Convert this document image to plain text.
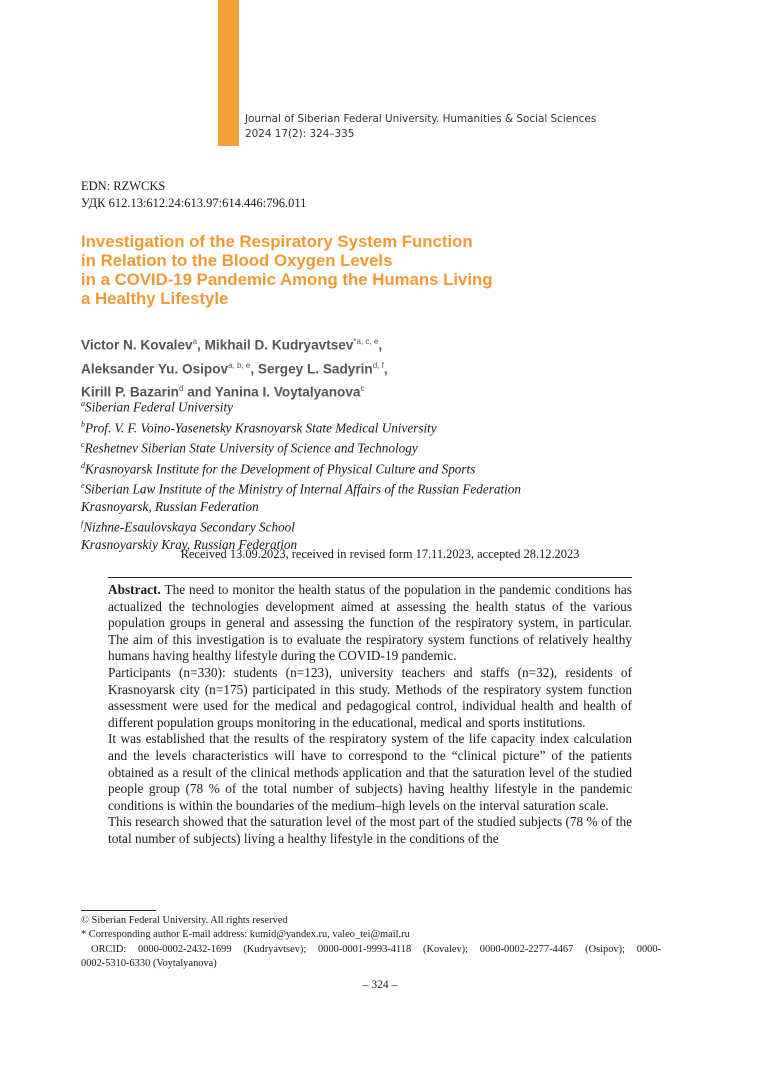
Journal of Siberian Federal University. Humanities & Social Sciences
2024 17(2): 324–335
EDN: RZWCKS
УДК 612.13:612.24:613.97:614.446:796.011
Investigation of the Respiratory System Function
in Relation to the Blood Oxygen Levels
in a COVID-19 Pandemic Among the Humans Living
a Healthy Lifestyle
Victor N. Kovalev$^a$, Mikhail D. Kudryavtsev$^{*a, c, e}$,
Aleksander Yu. Osipov$^{a, b, e}$, Sergey L. Sadyrin$^{d, f}$,
Kirill P. Bazarin$^d$ and Yanina I. Voytalyanova$^c$
$^a$Siberian Federal University
$^b$Prof. V. F. Voino-Yasenetsky Krasnoyarsk State Medical University
$^c$Reshetnev Siberian State University of Science and Technology
$^d$Krasnoyarsk Institute for the Development of Physical Culture and Sports
$^e$Siberian Law Institute of the Ministry of Internal Affairs of the Russian Federation
Krasnoyarsk, Russian Federation
$^f$Nizhne-Esaulovskaya Secondary School
Krasnoyarskiy Kray, Russian Federation
Received 13.09.2023, received in revised form 17.11.2023, accepted 28.12.2023

Abstract. The need to monitor the health status of the population in the pandemic conditions has actualized the technologies development aimed at assessing the health status of the various population groups in general and assessing the function of the respiratory system, in particular. The aim of this investigation is to evaluate the respiratory system functions of relatively healthy humans having healthy lifestyle during the COVID-19 pandemic.

Participants (n=330): students (n=123), university teachers and staffs (n=32), residents of Krasnoyarsk city (n=175) participated in this study. Methods of the respiratory system function assessment were used for the medical and pedagogical control, individual health and health of different population groups monitoring in the educational, medical and sports institutions.

It was established that the results of the respiratory system of the life capacity index calculation and the levels characteristics will have to correspond to the “clinical picture” of the patients obtained as a result of the clinical methods application and that the saturation level of the studied people group (78 % of the total number of subjects) having healthy lifestyle in the pandemic conditions is within the boundaries of the medium–high levels on the interval saturation scale.

This research showed that the saturation level of the most part of the studied subjects (78 % of the total number of subjects) living a healthy lifestyle in the conditions of the

© Siberian Federal University. All rights reserved
* Corresponding author E-mail address: kumid@yandex.ru, valeo_tei@mail.ru
ORCID: 0000-0002-2432-1699 (Kudryavtsev); 0000-0001-9993-4118 (Kovalev); 0000-0002-2277-4467 (Osipov); 0000-
0002-5310-6330 (Voytalyanova)
– 324 –
